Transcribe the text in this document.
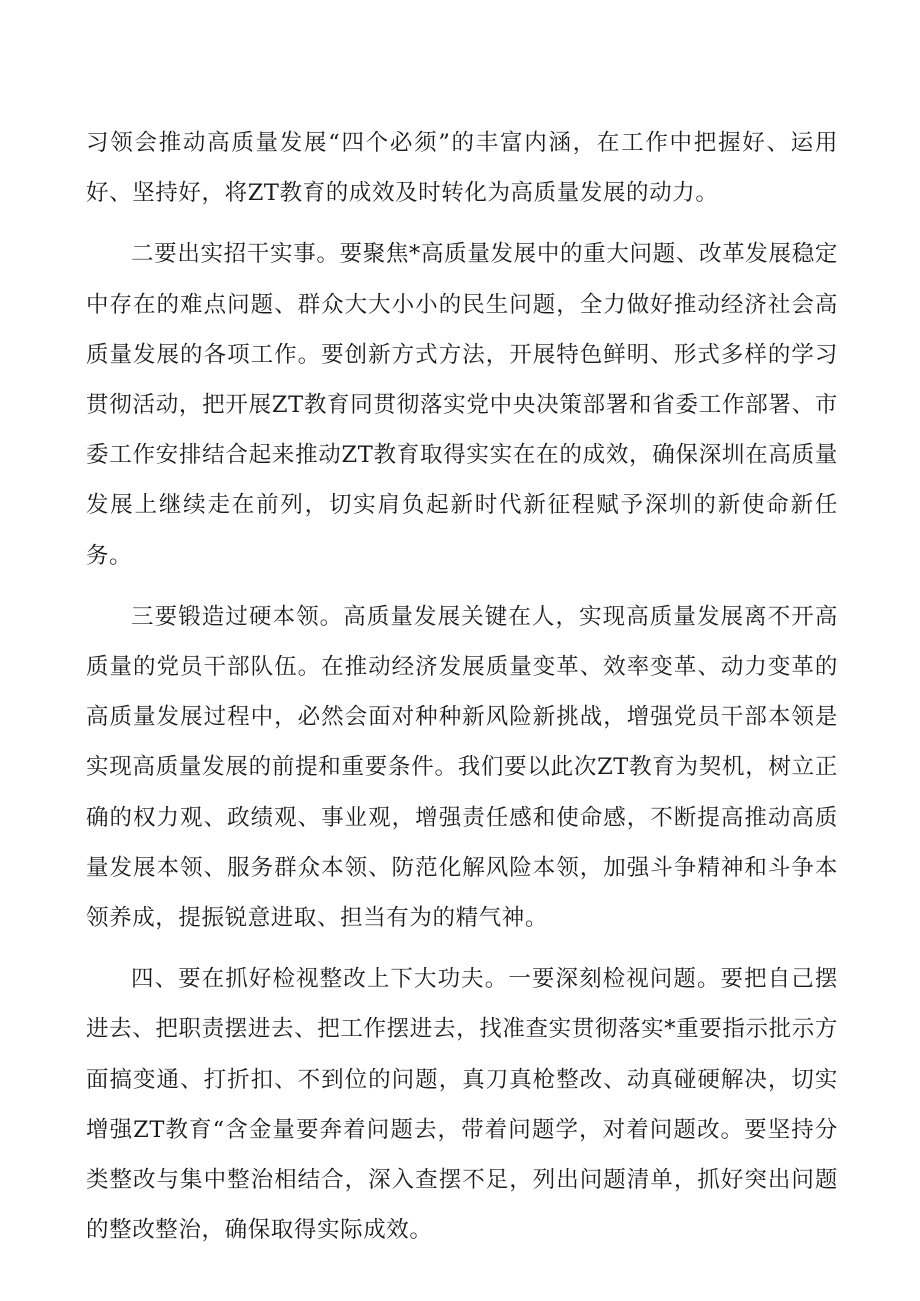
习领会推动高质量发展“四个必须”的丰富内涵，在工作中把握好、运用好、坚持好，将ZT教育的成效及时转化为高质量发展的动力。

二要出实招干实事。要聚焦*高质量发展中的重大问题、改革发展稳定中存在的难点问题、群众大大小小的民生问题，全力做好推动经济社会高质量发展的各项工作。要创新方式方法，开展特色鲜明、形式多样的学习贯彻活动，把开展ZT教育同贯彻落实党中央决策部署和省委工作部署、市委工作安排结合起来推动ZT教育取得实实在在的成效，确保深圳在高质量发展上继续走在前列，切实肩负起新时代新征程赋予深圳的新使命新任务。

三要锻造过硬本领。高质量发展关键在人，实现高质量发展离不开高质量的党员干部队伍。在推动经济发展质量变革、效率变革、动力变革的高质量发展过程中，必然会面对种种新风险新挑战，增强党员干部本领是实现高质量发展的前提和重要条件。我们要以此次ZT教育为契机，树立正确的权力观、政绩观、事业观，增强责任感和使命感，不断提高推动高质量发展本领、服务群众本领、防范化解风险本领，加强斗争精神和斗争本领养成，提振锐意进取、担当有为的精气神。

四、要在抓好检视整改上下大功夫。一要深刻检视问题。要把自己摆进去、把职责摆进去、把工作摆进去，找准查实贯彻落实*重要指示批示方面搞变通、打折扣、不到位的问题，真刀真枪整改、动真碰硬解决，切实增强ZT教育“含金量要奔着问题去，带着问题学，对着问题改。要坚持分类整改与集中整治相结合，深入查摆不足，列出问题清单，抓好突出问题的整改整治，确保取得实际成效。
